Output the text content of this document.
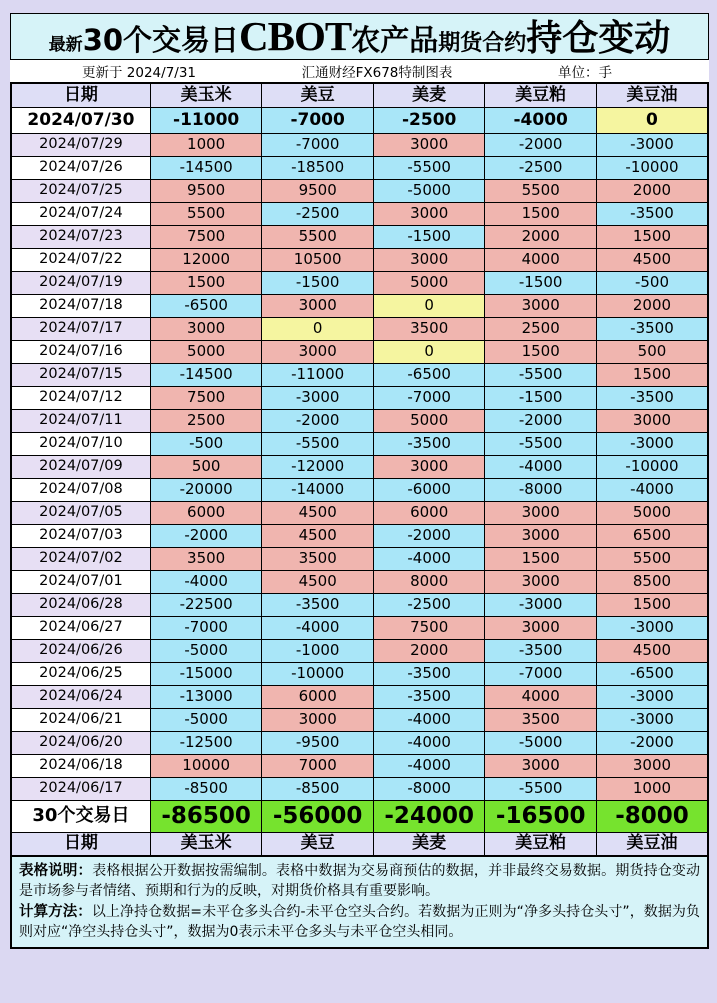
最新 30个交易日 CBOT 农产品 期货合约 持仓变动
更新于 2024/7/31	汇通财经FX678特制图表	单位：手
日期	美玉米	美豆	美麦	美豆粕	美豆油
2024/07/30	-11000	-7000	-2500	-4000	0
2024/07/29	1000	-7000	3000	-2000	-3000
2024/07/26	-14500	-18500	-5500	-2500	-10000
2024/07/25	9500	9500	-5000	5500	2000
2024/07/24	5500	-2500	3000	1500	-3500
2024/07/23	7500	5500	-1500	2000	1500
2024/07/22	12000	10500	3000	4000	4500
2024/07/19	1500	-1500	5000	-1500	-500
2024/07/18	-6500	3000	0	3000	2000
2024/07/17	3000	0	3500	2500	-3500
2024/07/16	5000	3000	0	1500	500
2024/07/15	-14500	-11000	-6500	-5500	1500
2024/07/12	7500	-3000	-7000	-1500	-3500
2024/07/11	2500	-2000	5000	-2000	3000
2024/07/10	-500	-5500	-3500	-5500	-3000
2024/07/09	500	-12000	3000	-4000	-10000
2024/07/08	-20000	-14000	-6000	-8000	-4000
2024/07/05	6000	4500	6000	3000	5000
2024/07/03	-2000	4500	-2000	3000	6500
2024/07/02	3500	3500	-4000	1500	5500
2024/07/01	-4000	4500	8000	3000	8500
2024/06/28	-22500	-3500	-2500	-3000	1500
2024/06/27	-7000	-4000	7500	3000	-3000
2024/06/26	-5000	-1000	2000	-3500	4500
2024/06/25	-15000	-10000	-3500	-7000	-6500
2024/06/24	-13000	6000	-3500	4000	-3000
2024/06/21	-5000	3000	-4000	3500	-3000
2024/06/20	-12500	-9500	-4000	-5000	-2000
2024/06/18	10000	7000	-4000	3000	3000
2024/06/17	-8500	-8500	-8000	-5500	1000
30个交易日	-86500	-56000	-24000	-16500	-8000
日期	美玉米	美豆	美麦	美豆粕	美豆油

表格说明：表格根据公开数据按需编制。表格中数据为交易商预估的数据，并非最终交易数据。期货持仓变动是市场参与者情绪、预期和行为的反映，对期货价格具有重要影响。

计算方法：以上净持仓数据=未平仓多头合约-未平仓空头合约。若数据为正则为“净多头持仓头寸”，数据为负则对应“净空头持仓头寸”，数据为0表示未平仓多头与未平仓空头相同。
